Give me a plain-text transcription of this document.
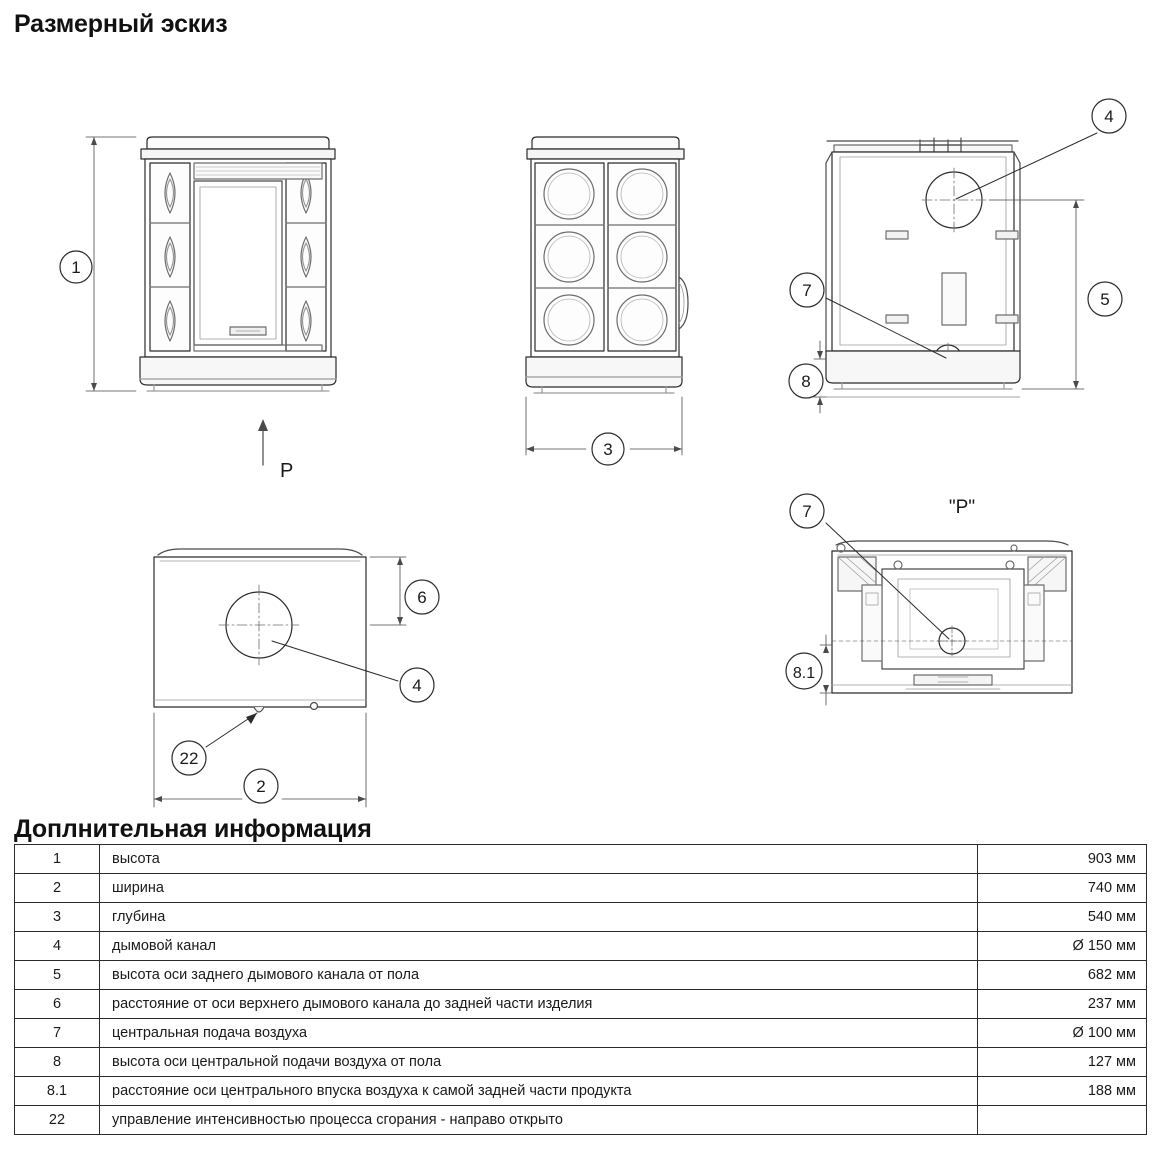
Размерный эскиз
1
P
3
4
7	5
8
4
22
6
2
"P"
7
8.1
Доплнительная информация
1	высота	903 мм
2	ширина	740 мм
3	глубина	540 мм
4	дымовой канал	Ø 150 мм
5	высота оси заднего дымового канала от пола	682 мм
6	расстояние от оси верхнего дымового канала до задней части изделия	237 мм
7	центральная подача воздуха	Ø 100 мм
8	высота оси центральной подачи воздуха от пола	127 мм
8.1	расстояние оси центрального впуска воздуха к самой задней части продукта	188 мм
22	управление интенсивностью процесса сгорания - направо открыто	
